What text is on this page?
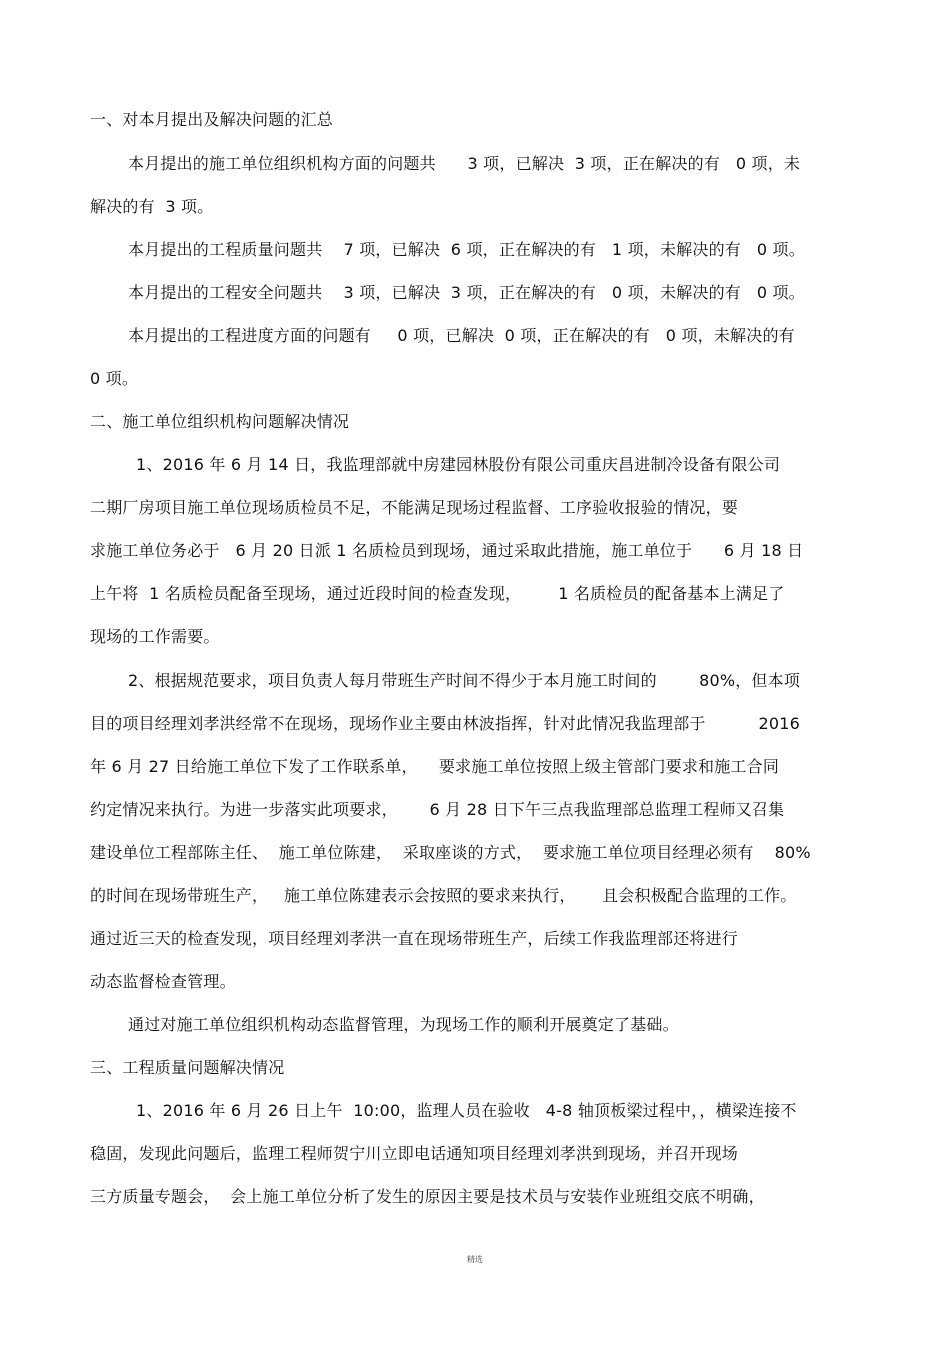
一、对本月提出及解决问题的汇总
本月提出的施工单位组织机构方面的问题共      3 项，已解决  3 项，正在解决的有   0 项，未
解决的有  3 项。
本月提出的工程质量问题共    7 项，已解决  6 项，正在解决的有   1 项，未解决的有   0 项。
本月提出的工程安全问题共    3 项，已解决  3 项，正在解决的有   0 项，未解决的有   0 项。
本月提出的工程进度方面的问题有     0 项，已解决  0 项，正在解决的有   0 项，未解决的有
0 项。
二、施工单位组织机构问题解决情况
1、2016 年 6 月 14 日，我监理部就中房建园林股份有限公司重庆昌进制冷设备有限公司
二期厂房项目施工单位现场质检员不足，不能满足现场过程监督、工序验收报验的情况，要
求施工单位务必于   6 月 20 日派 1 名质检员到现场，通过采取此措施，施工单位于      6 月 18 日
上午将  1 名质检员配备至现场，通过近段时间的检查发现，       1 名质检员的配备基本上满足了
现场的工作需要。
2、根据规范要求，项目负责人每月带班生产时间不得少于本月施工时间的        80%，但本项
目的项目经理刘孝洪经常不在现场，现场作业主要由林波指挥，针对此情况我监理部于          2016
年 6 月 27 日给施工单位下发了工作联系单，    要求施工单位按照上级主管部门要求和施工合同
约定情况来执行。为进一步落实此项要求，      6 月 28 日下午三点我监理部总监理工程师又召集
建设单位工程部陈主任、  施工单位陈建，  采取座谈的方式，  要求施工单位项目经理必须有    80%
的时间在现场带班生产，   施工单位陈建表示会按照的要求来执行，     且会积极配合监理的工作。
通过近三天的检查发现，项目经理刘孝洪一直在现场带班生产，后续工作我监理部还将进行
动态监督检查管理。
通过对施工单位组织机构动态监督管理，为现场工作的顺利开展奠定了基础。
三、工程质量问题解决情况
1、2016 年 6 月 26 日上午  10:00，监理人员在验收   4-8 轴顶板梁过程中，，横梁连接不
稳固，发现此问题后，监理工程师贺宁川立即电话通知项目经理刘孝洪到现场，并召开现场
三方质量专题会，  会上施工单位分析了发生的原因主要是技术员与安装作业班组交底不明确，
精选
